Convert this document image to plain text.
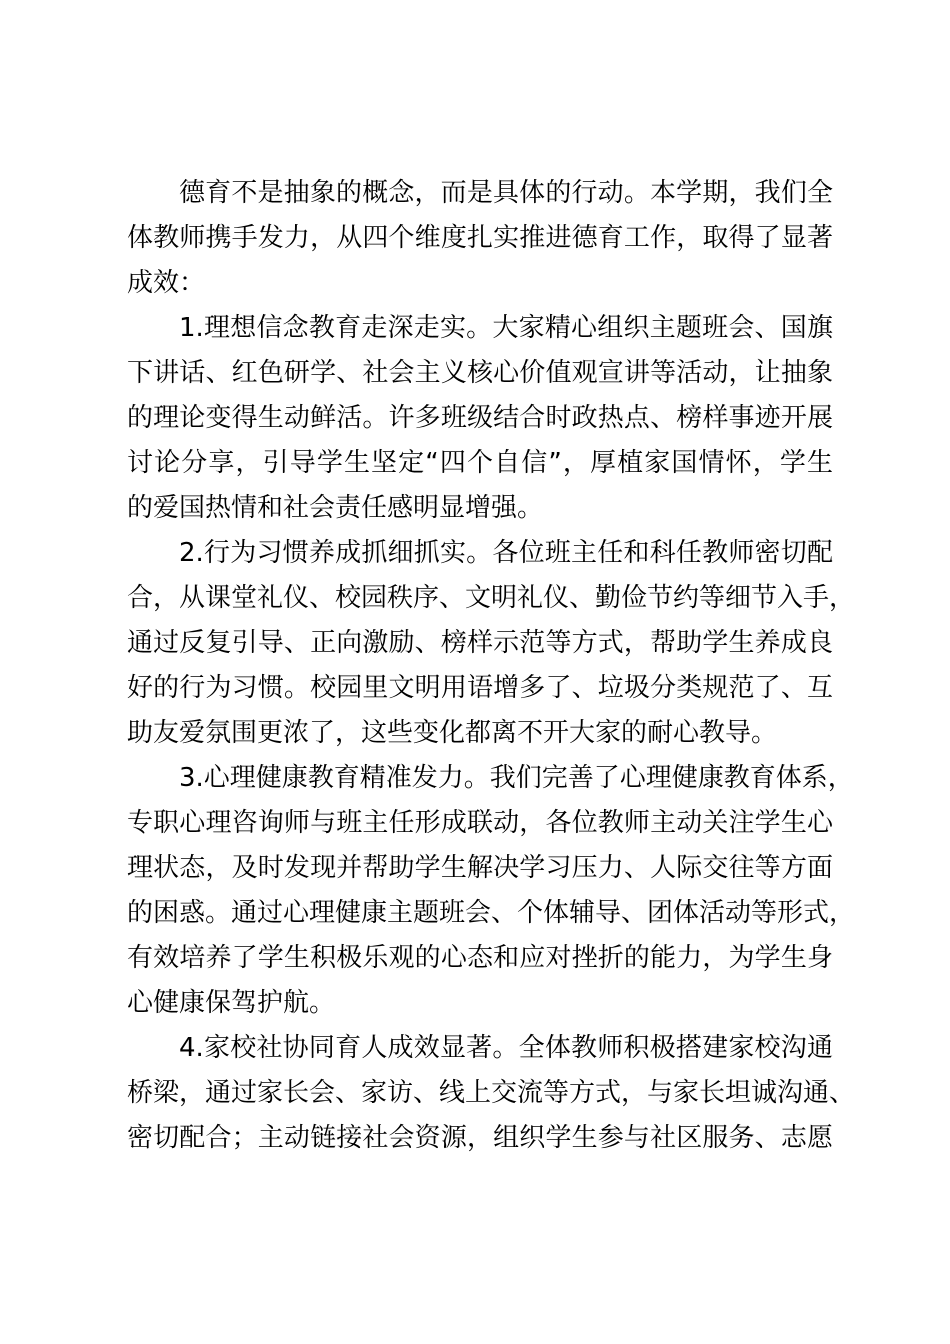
德育不是抽象的概念，而是具体的行动。本学期，我们全
体教师携手发力，从四个维度扎实推进德育工作，取得了显著
成效：
1.理想信念教育走深走实。大家精心组织主题班会、国旗
下讲话、红色研学、社会主义核心价值观宣讲等活动，让抽象
的理论变得生动鲜活。许多班级结合时政热点、榜样事迹开展
讨论分享，引导学生坚定“四个自信”，厚植家国情怀，学生
的爱国热情和社会责任感明显增强。
2.行为习惯养成抓细抓实。各位班主任和科任教师密切配
合，从课堂礼仪、校园秩序、文明礼仪、勤俭节约等细节入手，
通过反复引导、正向激励、榜样示范等方式，帮助学生养成良
好的行为习惯。校园里文明用语增多了、垃圾分类规范了、互
助友爱氛围更浓了，这些变化都离不开大家的耐心教导。
3.心理健康教育精准发力。我们完善了心理健康教育体系，
专职心理咨询师与班主任形成联动，各位教师主动关注学生心
理状态，及时发现并帮助学生解决学习压力、人际交往等方面
的困惑。通过心理健康主题班会、个体辅导、团体活动等形式，
有效培养了学生积极乐观的心态和应对挫折的能力，为学生身
心健康保驾护航。
4.家校社协同育人成效显著。全体教师积极搭建家校沟通
桥梁，通过家长会、家访、线上交流等方式，与家长坦诚沟通、
密切配合；主动链接社会资源，组织学生参与社区服务、志愿
